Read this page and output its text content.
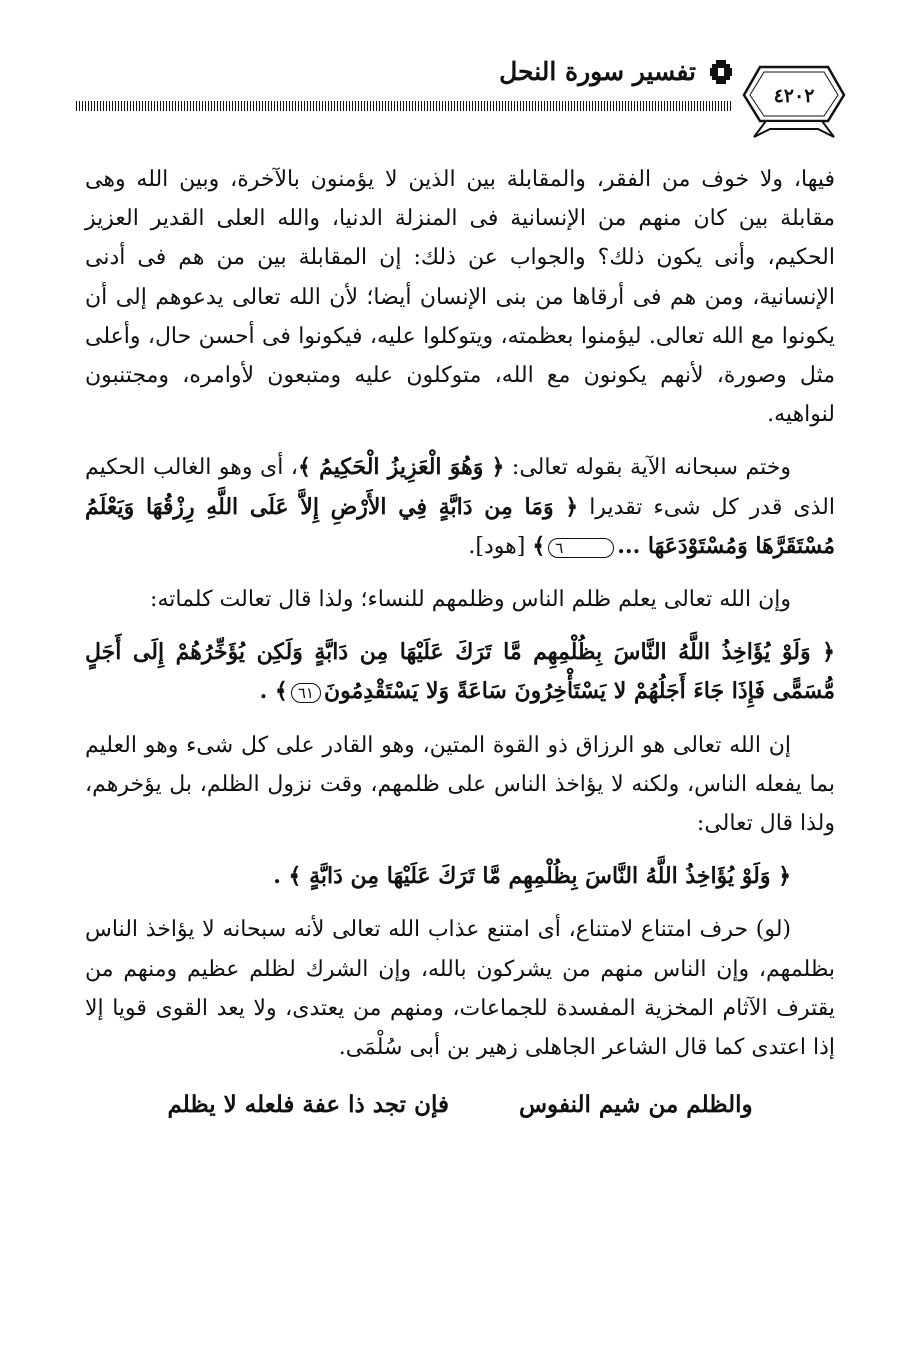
تفسير سورة النحل
٤٢٠٢

فيها، ولا خوف من الفقر، والمقابلة بين الذين لا يؤمنون بالآخرة، وبين الله وهى مقابلة بين كان منهم من الإنسانية فى المنزلة الدنيا، والله العلى القدير العزيز الحكيم، وأنى يكون ذلك؟ والجواب عن ذلك: إن المقابلة بين من هم فى أدنى الإنسانية، ومن هم فى أرقاها من بنى الإنسان أيضا؛ لأن الله تعالى يدعوهم إلى أن يكونوا مع الله تعالى. ليؤمنوا بعظمته، ويتوكلوا عليه، فيكونوا فى أحسن حال، وأعلى مثل وصورة، لأنهم يكونون مع الله، متوكلون عليه ومتبعون لأوامره، ومجتنبون لنواهيه.

وختم سبحانه الآية بقوله تعالى: ﴿ وَهُوَ الْعَزِيزُ الْحَكِيمُ ﴾، أى وهو الغالب الحكيم الذى قدر كل شىء تقديرا ﴿ وَمَا مِن دَابَّةٍ فِي الأَرْضِ إِلاَّ عَلَى اللَّهِ رِزْقُهَا وَيَعْلَمُ مُسْتَقَرَّهَا وَمُسْتَوْدَعَهَا ...٦﴾ [هود].

وإن الله تعالى يعلم ظلم الناس وظلمهم للنساء؛ ولذا قال تعالت كلماته:

﴿ وَلَوْ يُؤَاخِذُ اللَّهُ النَّاسَ بِظُلْمِهِم مَّا تَرَكَ عَلَيْهَا مِن دَابَّةٍ وَلَكِن يُؤَخِّرُهُمْ إِلَى أَجَلٍ مُّسَمًّى فَإِذَا جَاءَ أَجَلُهُمْ لا يَسْتَأْخِرُونَ سَاعَةً وَلا يَسْتَقْدِمُونَ٦١﴾ .

إن الله تعالى هو الرزاق ذو القوة المتين، وهو القادر على كل شىء وهو العليم بما يفعله الناس، ولكنه لا يؤاخذ الناس على ظلمهم، وقت نزول الظلم، بل يؤخرهم، ولذا قال تعالى:

﴿ وَلَوْ يُؤَاخِذُ اللَّهُ النَّاسَ بِظُلْمِهِم مَّا تَرَكَ عَلَيْهَا مِن دَابَّةٍ ﴾ .

(لو) حرف امتناع لامتناع، أى امتنع عذاب الله تعالى لأنه سبحانه لا يؤاخذ الناس بظلمهم، وإن الناس منهم من يشركون بالله، وإن الشرك لظلم عظيم ومنهم من يقترف الآثام المخزية المفسدة للجماعات، ومنهم من يعتدى، ولا يعد القوى قويا إلا إذا اعتدى كما قال الشاعر الجاهلى زهير بن أبى سُلْمَى.

والظلم من شيم النفوس
فإن تجد ذا عفة فلعله لا يظلم
